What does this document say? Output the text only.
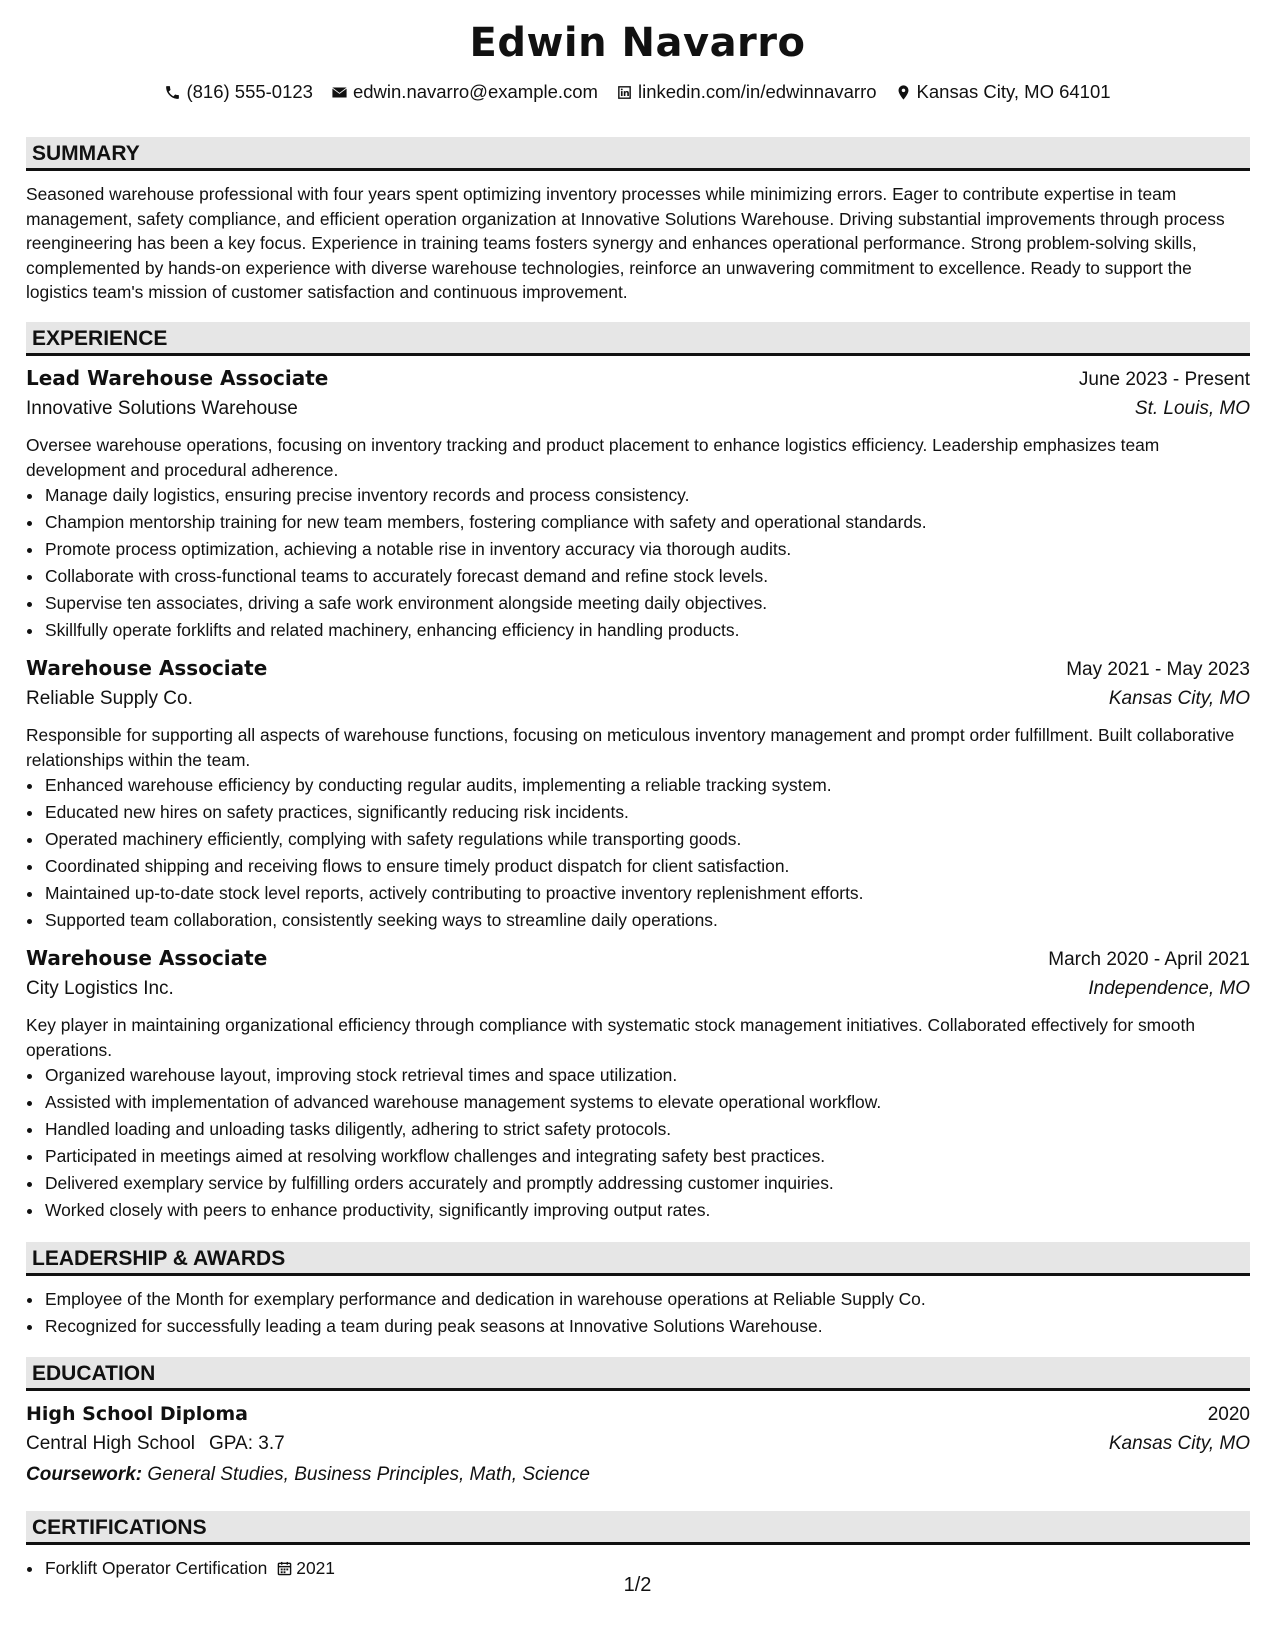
Edwin Navarro
(816) 555-0123 edwin.navarro@example.com linkedin.com/in/edwinnavarro Kansas City, MO 64101
SUMMARY
Seasoned warehouse professional with four years spent optimizing inventory processes while minimizing errors. Eager to contribute expertise in team management, safety compliance, and efficient operation organization at Innovative Solutions Warehouse. Driving substantial improvements through process reengineering has been a key focus. Experience in training teams fosters synergy and enhances operational performance. Strong problem-solving skills, complemented by hands-on experience with diverse warehouse technologies, reinforce an unwavering commitment to excellence. Ready to support the logistics team's mission of customer satisfaction and continuous improvement.
EXPERIENCE
Lead Warehouse Associate	June 2023 - Present
Innovative Solutions Warehouse	St. Louis, MO
Oversee warehouse operations, focusing on inventory tracking and product placement to enhance logistics efficiency. Leadership emphasizes team development and procedural adherence.
• Manage daily logistics, ensuring precise inventory records and process consistency.
• Champion mentorship training for new team members, fostering compliance with safety and operational standards.
• Promote process optimization, achieving a notable rise in inventory accuracy via thorough audits.
• Collaborate with cross-functional teams to accurately forecast demand and refine stock levels.
• Supervise ten associates, driving a safe work environment alongside meeting daily objectives.
• Skillfully operate forklifts and related machinery, enhancing efficiency in handling products.
Warehouse Associate	May 2021 - May 2023
Reliable Supply Co.	Kansas City, MO
Responsible for supporting all aspects of warehouse functions, focusing on meticulous inventory management and prompt order fulfillment. Built collaborative relationships within the team.
• Enhanced warehouse efficiency by conducting regular audits, implementing a reliable tracking system.
• Educated new hires on safety practices, significantly reducing risk incidents.
• Operated machinery efficiently, complying with safety regulations while transporting goods.
• Coordinated shipping and receiving flows to ensure timely product dispatch for client satisfaction.
• Maintained up-to-date stock level reports, actively contributing to proactive inventory replenishment efforts.
• Supported team collaboration, consistently seeking ways to streamline daily operations.
Warehouse Associate	March 2020 - April 2021
City Logistics Inc.	Independence, MO
Key player in maintaining organizational efficiency through compliance with systematic stock management initiatives. Collaborated effectively for smooth operations.
• Organized warehouse layout, improving stock retrieval times and space utilization.
• Assisted with implementation of advanced warehouse management systems to elevate operational workflow.
• Handled loading and unloading tasks diligently, adhering to strict safety protocols.
• Participated in meetings aimed at resolving workflow challenges and integrating safety best practices.
• Delivered exemplary service by fulfilling orders accurately and promptly addressing customer inquiries.
• Worked closely with peers to enhance productivity, significantly improving output rates.
LEADERSHIP & AWARDS
• Employee of the Month for exemplary performance and dedication in warehouse operations at Reliable Supply Co.
• Recognized for successfully leading a team during peak seasons at Innovative Solutions Warehouse.
EDUCATION
High School Diploma	2020
Central High School GPA: 3.7	Kansas City, MO
Coursework: General Studies, Business Principles, Math, Science
CERTIFICATIONS
• Forklift Operator Certification 2021
1/2
